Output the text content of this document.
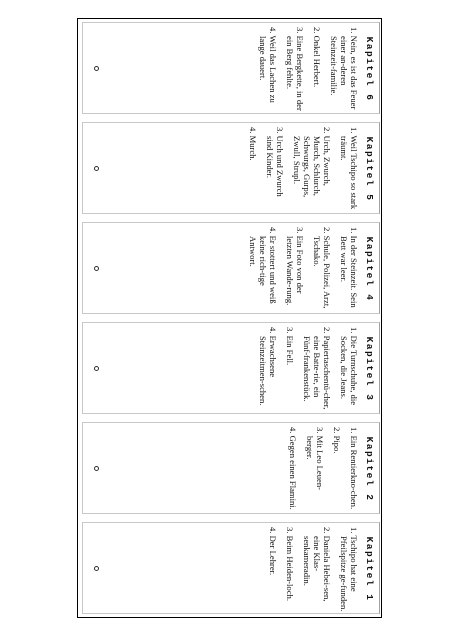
Kapitel 6
1. Nein, es ist das Feuer einer an-deren Steinzeit-familie.
2. Onkel Herbert.
3. Eine Bergkette, in der ein Berg fehlte.
4. Weil das Lachen zu lange dauert.
Kapitel 5
1. Weil Tschipo so stark träumt.
2. Urch, Zwurch, Murch, Schlurch, Schwurgs, Gurps, Zwull, Strupl.
3. Urch und Zwurch sind Kinder.
4. Murch.
Kapitel 4
1. In der Steinzeit. Sein Bett war leer.
2. Schule, Polizei, Arzt, Tschako.
3. Ein Foto von der letzten Wande-rung.
4. Er stottert und weiß keine rich-tige Antwort.
Kapitel 3
1. Die Turnschuhe, die Socken, die Jeans.
2. Papiertaschentü-cher, eine Batte-rie, ein Fünf-frankenstück.
3. Ein Fell.
4. Erwachsene Steinzeitmen-schen.
Kapitel 2
1. Ein Rentierkno-chen.
2. Pipo.
3. Mit Leo Leuen-berger.
4. Gegen einen Flamini.
Kapitel 1
1. Tschipo hat eine Pfeilspitze ge-funden.
2. Daniela Hebei-sen, eine Klas-senkameradin.
3. Beim Heiden-loch.
4. Der Lehrer.
